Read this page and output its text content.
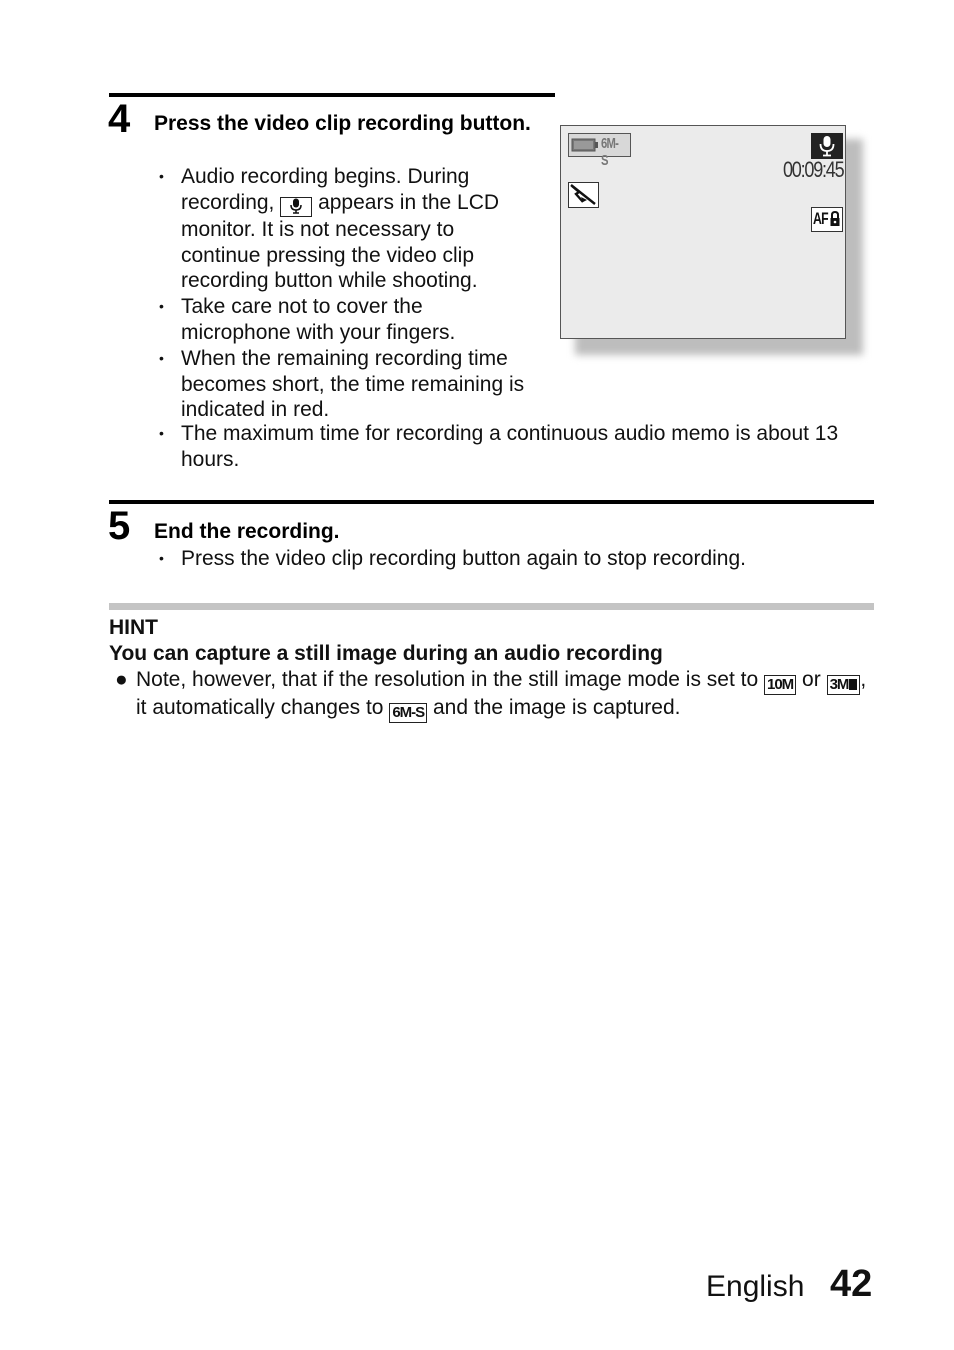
4 Press the video clip recording button.
• Audio recording begins. During recording, appears in the LCD monitor. It is not necessary to continue pressing the video clip recording button while shooting.
• Take care not to cover the microphone with your fingers.
• When the remaining recording time becomes short, the time remaining is indicated in red.
• The maximum time for recording a continuous audio memo is about 13 hours.
6M-S	00:09:45
AF
5 End the recording.
• Press the video clip recording button again to stop recording.
HINT
You can capture a still image during an audio recording
● Note, however, that if the resolution in the still image mode is set to 10M or 3M , it automatically changes to 6M-S and the image is captured.
English 42
